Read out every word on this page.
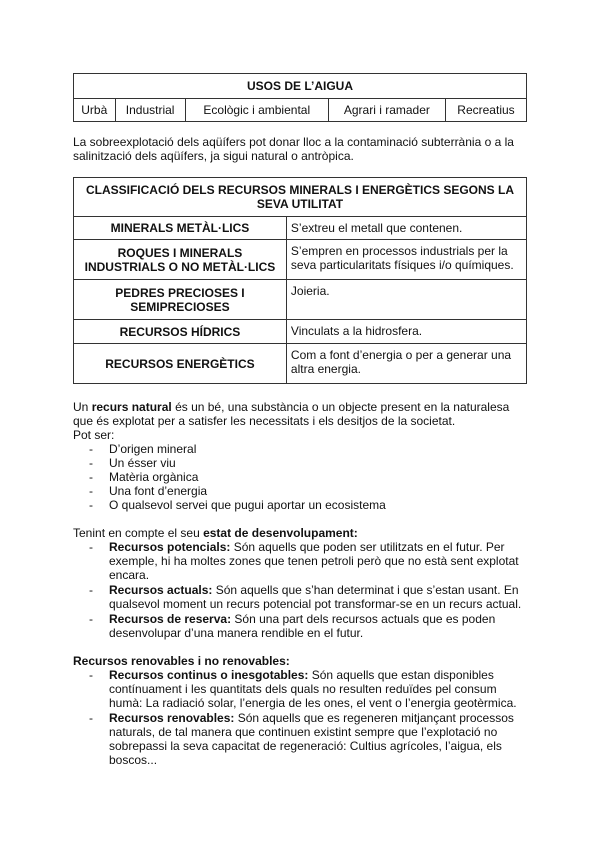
USOS DE L’AIGUA
Urbà	Industrial	Ecològic i ambiental	Agrari i ramader	Recreatius

La sobreexplotació dels aqüífers pot donar lloc a la contaminació subterrània o a la salinització dels aqüífers, ja sigui natural o antròpica.

CLASSIFICACIÓ DELS RECURSOS MINERALS I ENERGÈTICS SEGONS LA SEVA UTILITAT	
MINERALS METÀL·LICS	S’extreu el metall que contenen.
ROQUES I MINERALS INDUSTRIALS O NO METÀL·LICS	S’empren en processos industrials per la seva particularitats físiques i/o químiques.
PEDRES PRECIOSES I SEMIPRECIOSES	Joieria.
RECURSOS HÍDRICS	Vinculats a la hidrosfera.
RECURSOS ENERGÈTICS	Com a font d’energia o per a generar una altra energia.

Un recurs natural és un bé, una substància o un objecte present en la naturalesa que és explotat per a satisfer les necessitats i els desitjos de la societat.

Pot ser:

- D’origen mineral
- Un ésser viu
- Matèria orgànica
- Una font d’energia
- O qualsevol servei que pugui aportar un ecosistema

Tenint en compte el seu estat de desenvolupament:

- Recursos potencials: Són aquells que poden ser utilitzats en el futur. Per exemple, hi ha moltes zones que tenen petroli però que no està sent explotat encara.
- Recursos actuals: Són aquells que s’han determinat i que s’estan usant. En qualsevol moment un recurs potencial pot transformar-se en un recurs actual.
- Recursos de reserva: Són una part dels recursos actuals que es poden desenvolupar d’una manera rendible en el futur.

Recursos renovables i no renovables:

- Recursos continus o inesgotables: Són aquells que estan disponibles contínuament i les quantitats dels quals no resulten reduïdes pel consum humà: La radiació solar, l’energia de les ones, el vent o l’energia geotèrmica.
- Recursos renovables: Són aquells que es regeneren mitjançant processos naturals, de tal manera que continuen existint sempre que l’explotació no sobrepassi la seva capacitat de regeneració: Cultius agrícoles, l’aigua, els boscos...
